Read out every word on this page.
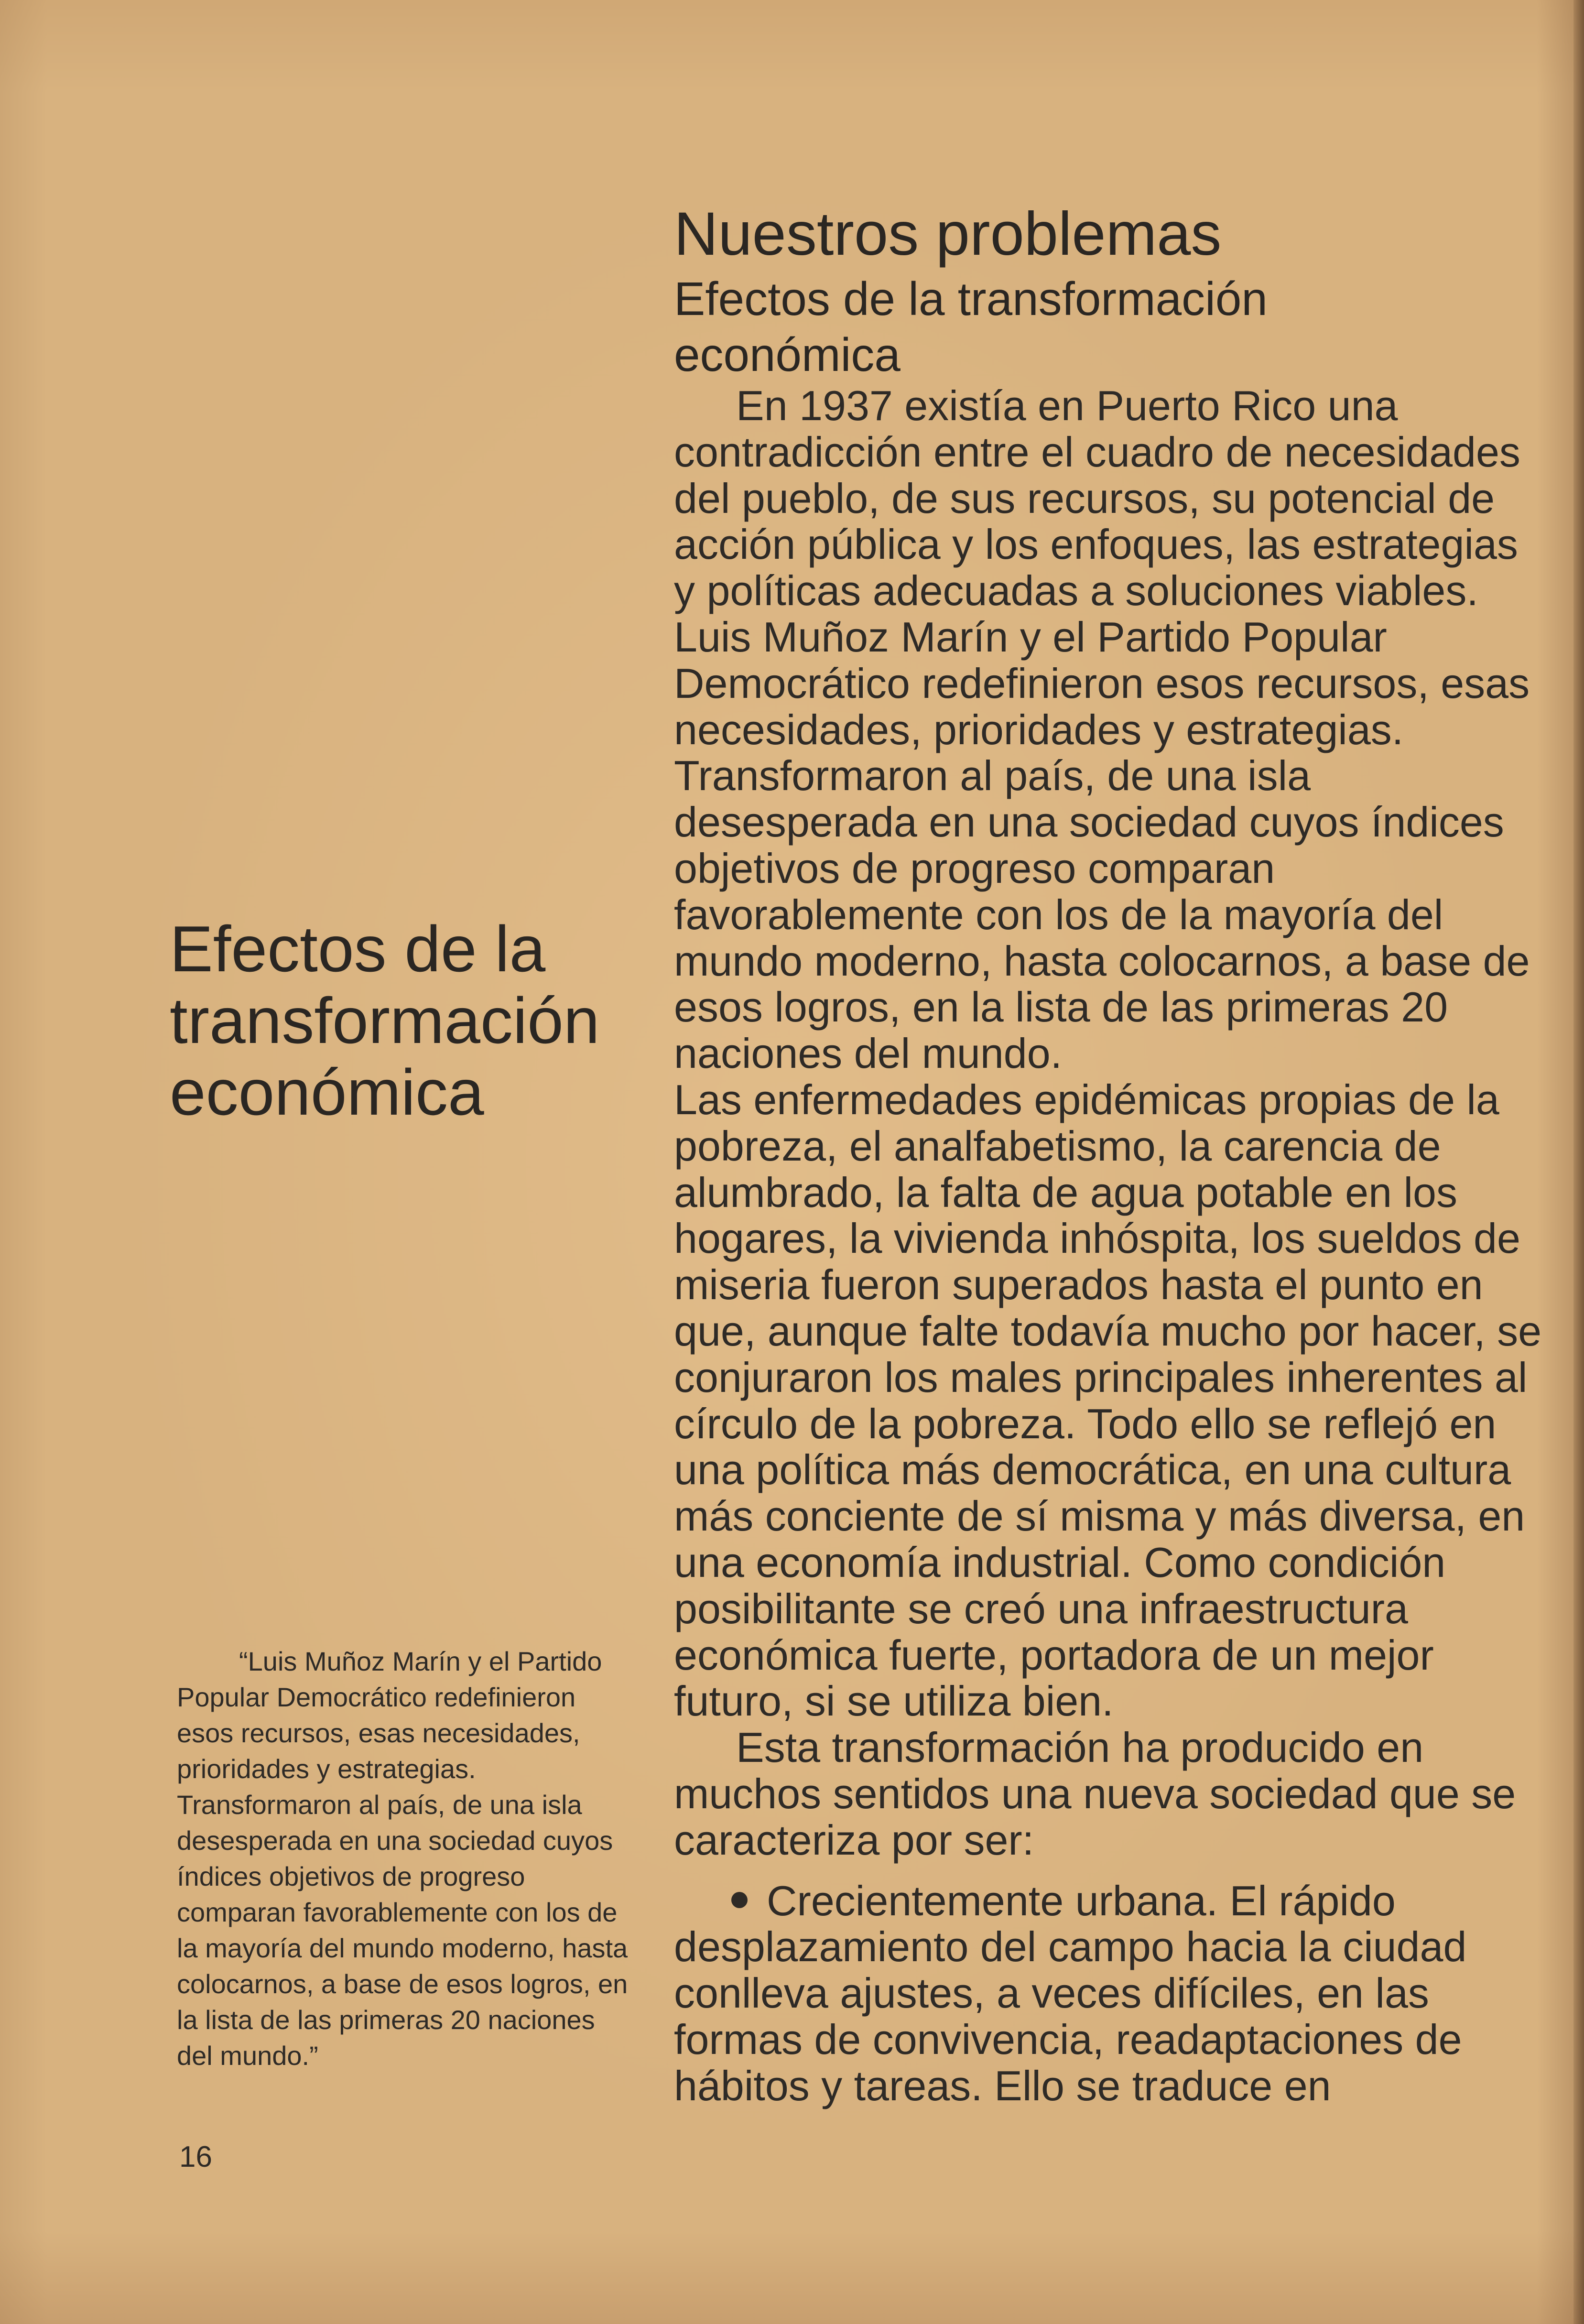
Nuestros problemas
Efectos de la transformación económica

En 1937 existía en Puerto Rico una contradicción entre el cuadro de necesidades del pueblo, de sus recursos, su potencial de acción pública y los enfoques, las estrategias y políticas adecuadas a soluciones viables. Luis Muñoz Marín y el Partido Popular Democrático redefinieron esos recursos, esas necesidades, prioridades y estrategias. Transformaron al país, de una isla desesperada en una sociedad cuyos índices objetivos de progreso comparan favorablemente con los de la mayoría del mundo moderno, hasta colocarnos, a base de esos logros, en la lista de las primeras 20 naciones del mundo.

Las enfermedades epidémicas propias de la pobreza, el analfabetismo, la carencia de alumbrado, la falta de agua potable en los hogares, la vivienda inhóspita, los sueldos de miseria fueron superados hasta el punto en que, aunque falte todavía mucho por hacer, se conjuraron los males principales inherentes al círculo de la pobreza. Todo ello se reflejó en una política más democrática, en una cultura más conciente de sí misma y más diversa, en una economía industrial. Como condición posibilitante se creó una infraestructura económica fuerte, portadora de un mejor futuro, si se utiliza bien.

Esta transformación ha producido en muchos sentidos una nueva sociedad que se caracteriza por ser:

Crecientemente urbana. El rápido desplazamiento del campo hacia la ciudad conlleva ajustes, a veces difíciles, en las formas de convivencia, readaptaciones de hábitos y tareas. Ello se traduce en

Efectos de la transformación económica

“Luis Muñoz Marín y el Partido Popular Democrático redefinieron esos recursos, esas necesidades, prioridades y estrategias. Transformaron al país, de una isla desesperada en una sociedad cuyos índices objetivos de progreso comparan favorablemente con los de la mayoría del mundo moderno, hasta colocarnos, a base de esos logros, en la lista de las primeras 20 naciones del mundo.”

16
